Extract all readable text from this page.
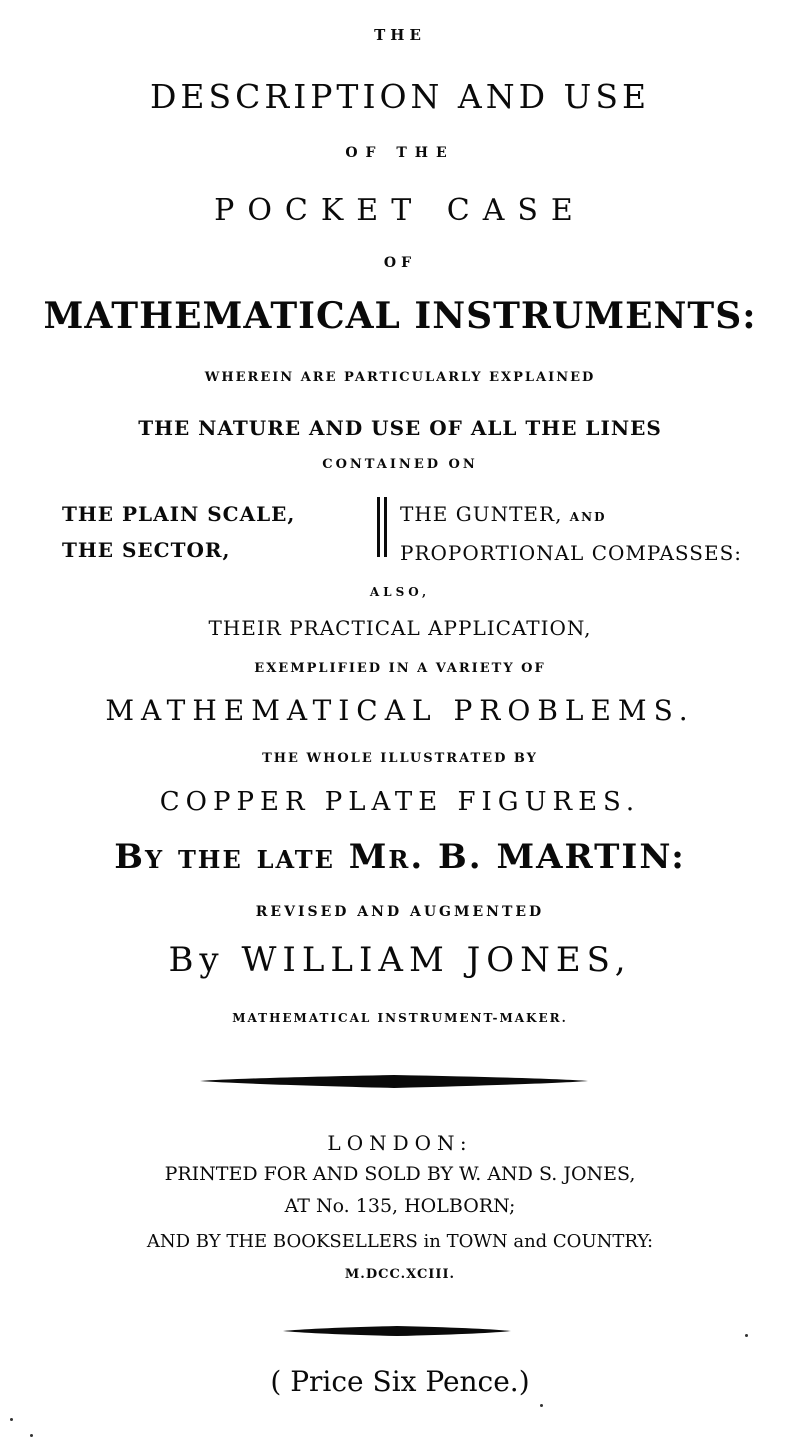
THE
DESCRIPTION AND USE
OF THE
POCKET CASE
OF
MATHEMATICAL INSTRUMENTS:
WHEREIN ARE PARTICULARLY EXPLAINED
THE NATURE AND USE OF ALL THE LINES
CONTAINED ON
THE PLAIN SCALE,
THE SECTOR,
THE GUNTER, AND
PROPORTIONAL COMPASSES:
ALSO,
THEIR PRACTICAL APPLICATION,
EXEMPLIFIED IN A VARIETY OF
MATHEMATICAL PROBLEMS.
THE WHOLE ILLUSTRATED BY
COPPER PLATE FIGURES.
By the late Mr. B. MARTIN:
REVISED AND AUGMENTED
By WILLIAM JONES,
MATHEMATICAL INSTRUMENT-MAKER.
LONDON:
PRINTED FOR AND SOLD BY W. AND S. JONES,
AT No. 135, HOLBORN;
AND BY THE BOOKSELLERS in TOWN and COUNTRY:
M.DCC.XCIII.
( Price Six Pence.)
